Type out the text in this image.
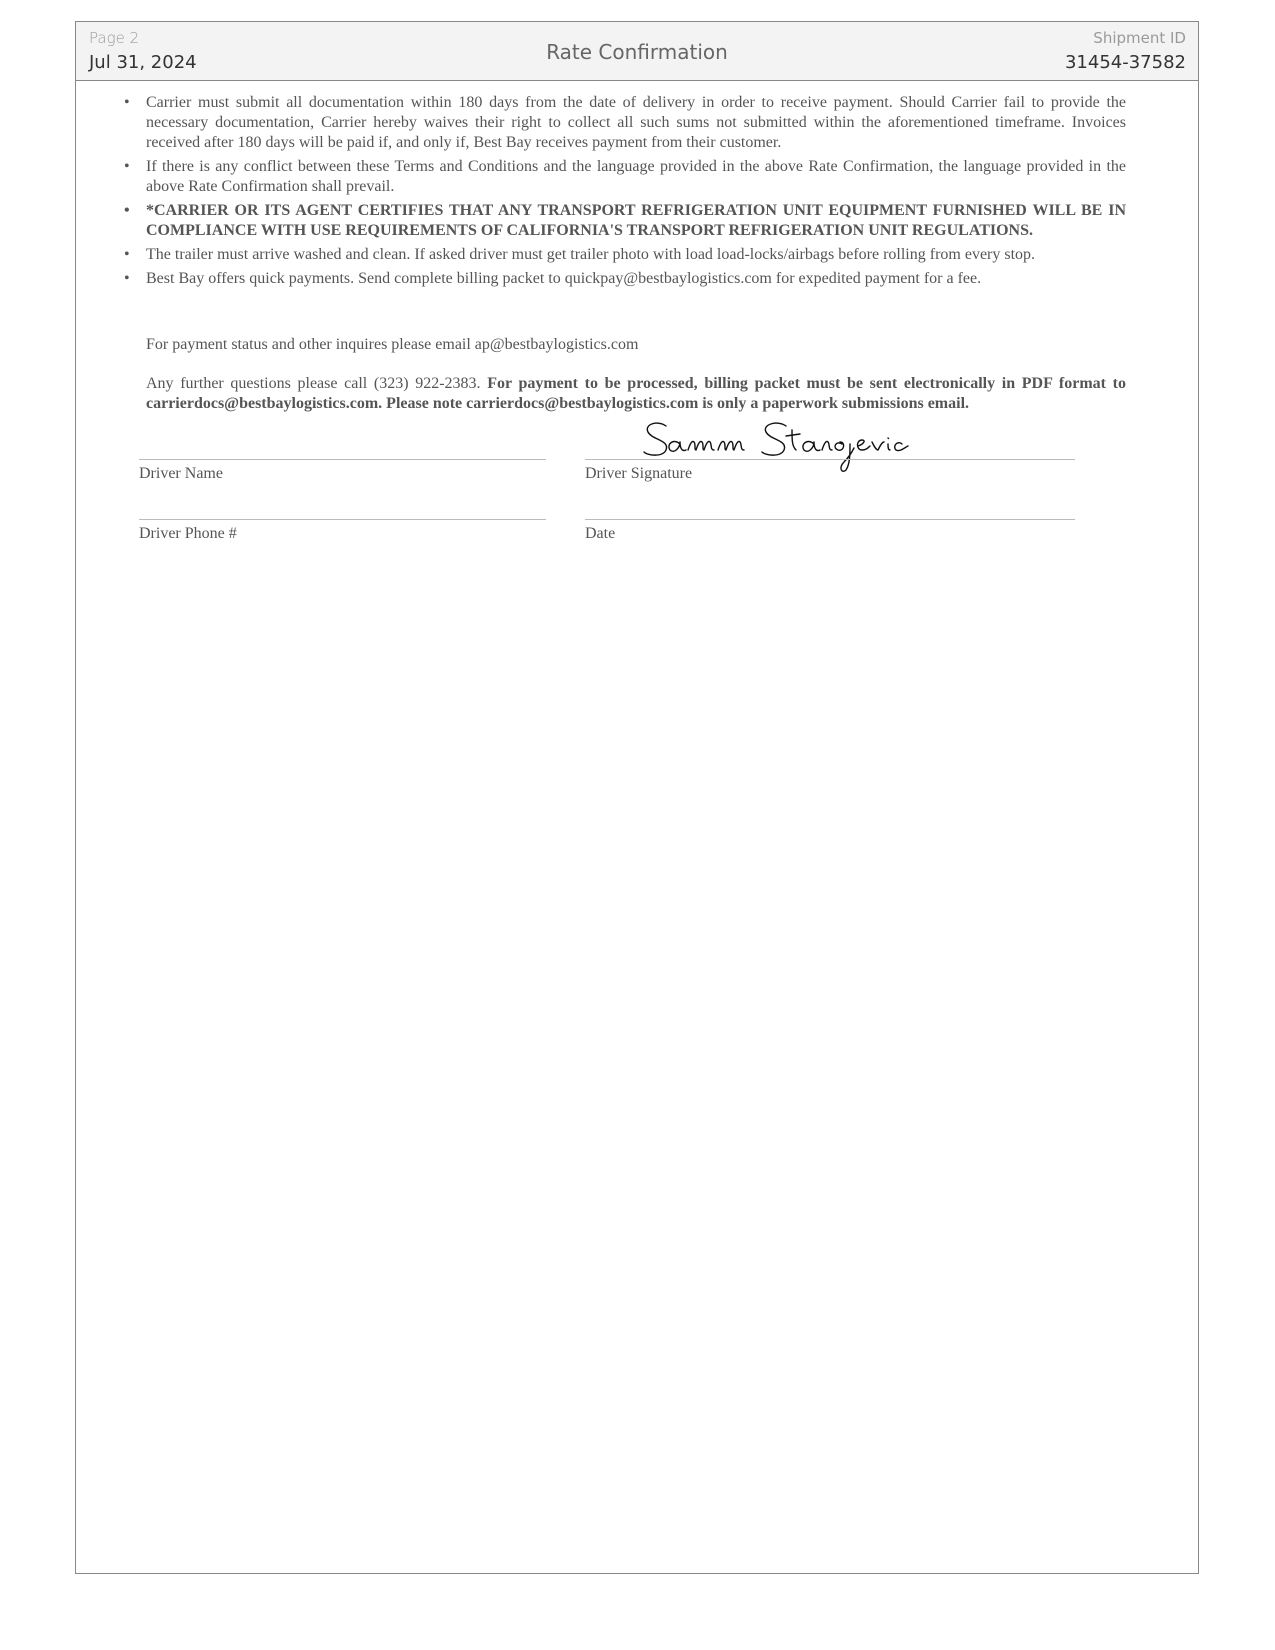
Page 2
Jul 31, 2024	Rate Confirmation
Shipment ID
31454-37582
• Carrier must submit all documentation within 180 days from the date of delivery in order to receive payment. Should Carrier fail to provide the necessary documentation, Carrier hereby waives their right to collect all such sums not submitted within the aforementioned timeframe. Invoices received after 180 days will be paid if, and only if, Best Bay receives payment from their customer.
• If there is any conflict between these Terms and Conditions and the language provided in the above Rate Confirmation, the language provided in the above Rate Confirmation shall prevail.
• *CARRIER OR ITS AGENT CERTIFIES THAT ANY TRANSPORT REFRIGERATION UNIT EQUIPMENT FURNISHED WILL BE IN COMPLIANCE WITH USE REQUIREMENTS OF CALIFORNIA'S TRANSPORT REFRIGERATION UNIT REGULATIONS.
• The trailer must arrive washed and clean. If asked driver must get trailer photo with load load-locks/airbags before rolling from every stop.
• Best Bay offers quick payments. Send complete billing packet to quickpay@bestbaylogistics.com for expedited payment for a fee.
For payment status and other inquires please email ap@bestbaylogistics.com
Any further questions please call (323) 922-2383. For payment to be processed, billing packet must be sent electronically in PDF format to carrierdocs@bestbaylogistics.com. Please note carrierdocs@bestbaylogistics.com is only a paperwork submissions email.
Samm Stanojevic
Driver Name	Driver Signature
Driver Phone #	Date
